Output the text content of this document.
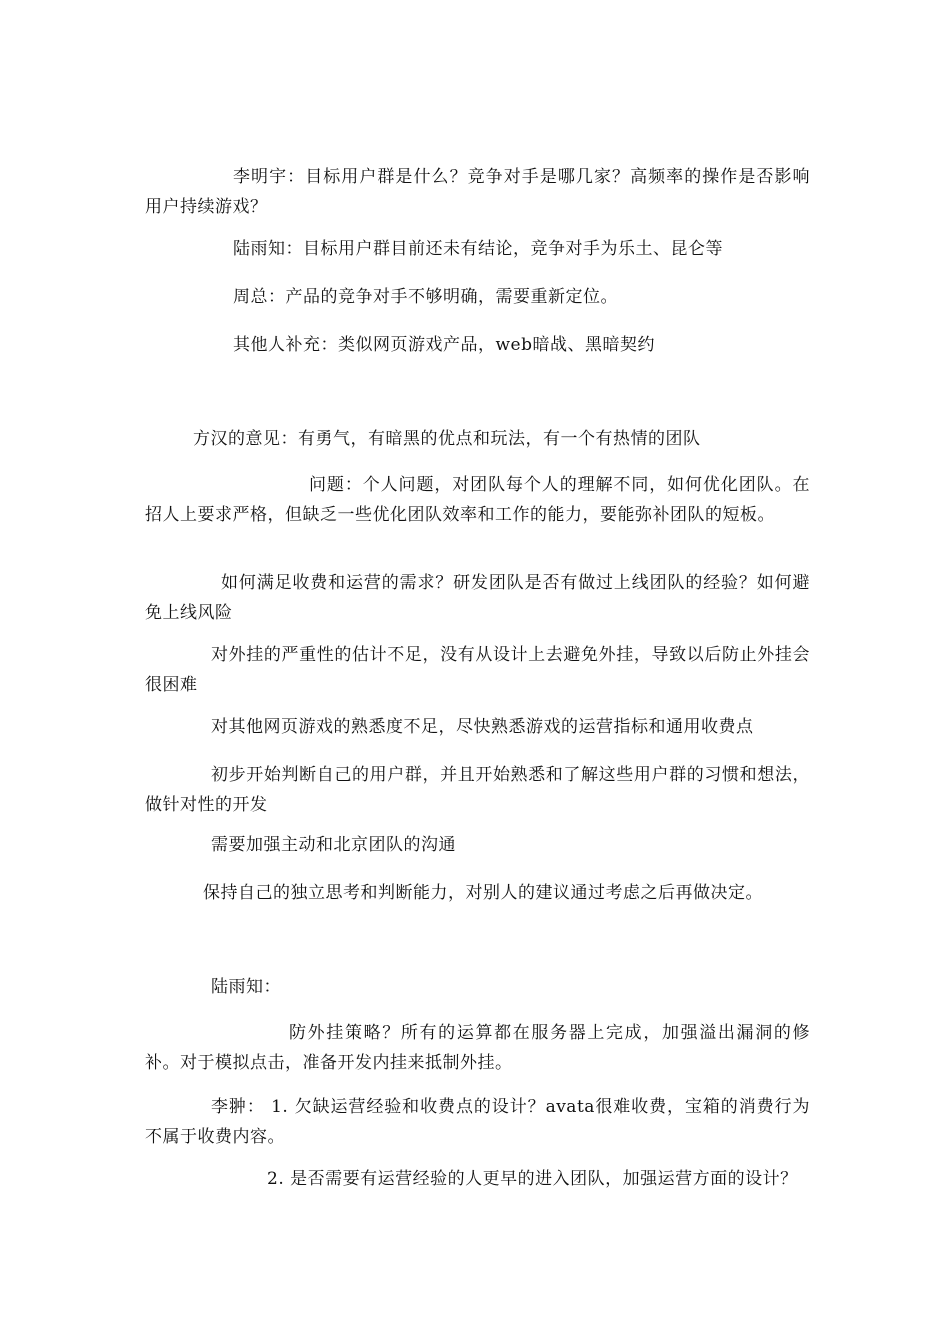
李明宇：目标用户群是什么？竞争对手是哪几家？高频率的操作是否影响用户持续游戏？

陆雨知：目标用户群目前还未有结论，竞争对手为乐土、昆仑等

周总：产品的竞争对手不够明确，需要重新定位。

其他人补充：类似网页游戏产品，web暗战、黑暗契约

方汉的意见：有勇气，有暗黑的优点和玩法，有一个有热情的团队

问题：个人问题，对团队每个人的理解不同，如何优化团队。在招人上要求严格，但缺乏一些优化团队效率和工作的能力，要能弥补团队的短板。

如何满足收费和运营的需求？研发团队是否有做过上线团队的经验？如何避免上线风险

对外挂的严重性的估计不足，没有从设计上去避免外挂，导致以后防止外挂会很困难

对其他网页游戏的熟悉度不足，尽快熟悉游戏的运营指标和通用收费点

初步开始判断自己的用户群，并且开始熟悉和了解这些用户群的习惯和想法，做针对性的开发

需要加强主动和北京团队的沟通

保持自己的独立思考和判断能力，对别人的建议通过考虑之后再做决定。

陆雨知：

防外挂策略？所有的运算都在服务器上完成，加强溢出漏洞的修补。对于模拟点击，准备开发内挂来抵制外挂。

李翀： 1. 欠缺运营经验和收费点的设计？avata很难收费，宝箱的消费行为不属于收费内容。

2. 是否需要有运营经验的人更早的进入团队，加强运营方面的设计？
